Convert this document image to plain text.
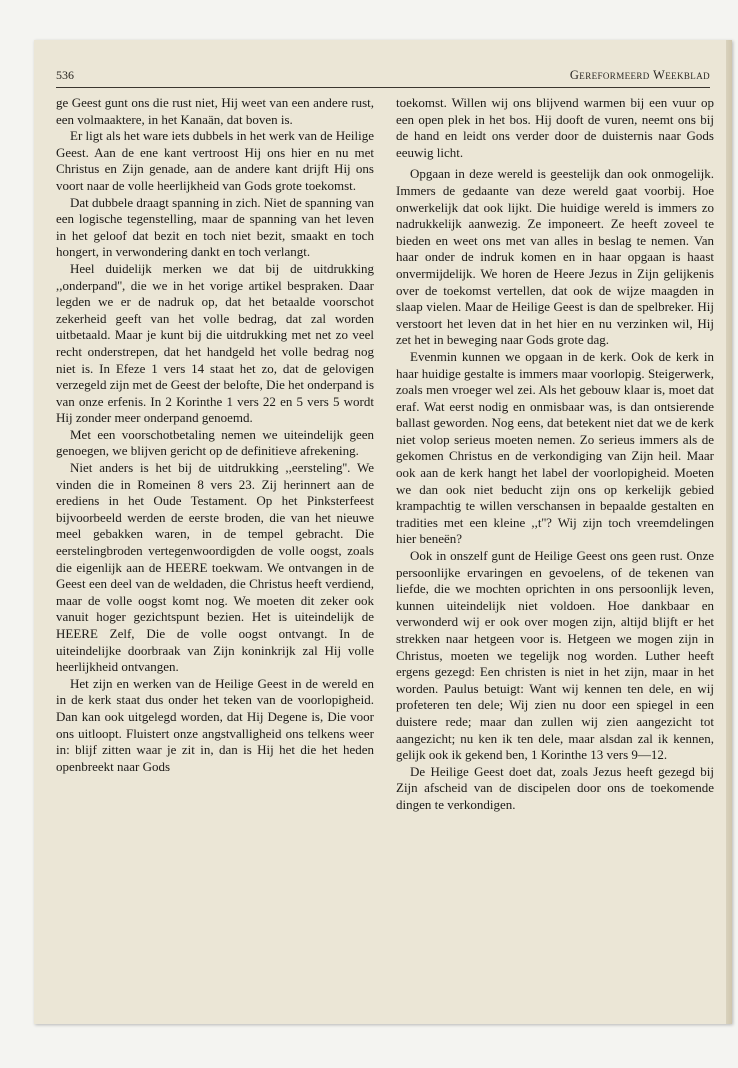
536	Gereformeerd Weekblad

ge Geest gunt ons die rust niet, Hij weet van een andere rust, een volmaaktere, in het Kanaän, dat boven is.

Er ligt als het ware iets dubbels in het werk van de Heilige Geest. Aan de ene kant vertroost Hij ons hier en nu met Christus en Zijn genade, aan de andere kant drijft Hij ons voort naar de volle heerlijkheid van Gods grote toekomst.

Dat dubbele draagt spanning in zich. Niet de spanning van een logische tegenstelling, maar de spanning van het leven in het geloof dat bezit en toch niet bezit, smaakt en toch hongert, in verwondering dankt en toch verlangt.

Heel duidelijk merken we dat bij de uitdrukking ,,onderpand'', die we in het vorige artikel bespraken. Daar legden we er de nadruk op, dat het betaalde voorschot zekerheid geeft van het volle bedrag, dat zal worden uitbetaald. Maar je kunt bij die uitdrukking met net zo veel recht onderstrepen, dat het handgeld het volle bedrag nog niet is. In Efeze 1 vers 14 staat het zo, dat de gelovigen verzegeld zijn met de Geest der belofte, Die het onderpand is van onze erfenis. In 2 Korinthe 1 vers 22 en 5 vers 5 wordt Hij zonder meer onderpand genoemd.

Met een voorschotbetaling nemen we uiteindelijk geen genoegen, we blijven gericht op de definitieve afrekening.

Niet anders is het bij de uitdrukking ,,eersteling''. We vinden die in Romeinen 8 vers 23. Zij herinnert aan de erediens in het Oude Testament. Op het Pinksterfeest bijvoorbeeld werden de eerste broden, die van het nieuwe meel gebakken waren, in de tempel gebracht. Die eerstelingbroden vertegenwoordigden de volle oogst, zoals die eigenlijk aan de HEERE toekwam. We ontvangen in de Geest een deel van de weldaden, die Christus heeft verdiend, maar de volle oogst komt nog. We moeten dit zeker ook vanuit hoger gezichtspunt bezien. Het is uiteindelijk de HEERE Zelf, Die de volle oogst ontvangt. In de uiteindelijke doorbraak van Zijn koninkrijk zal Hij volle heerlijkheid ontvangen.

Het zijn en werken van de Heilige Geest in de wereld en in de kerk staat dus onder het teken van de voorlopigheid. Dan kan ook uitgelegd worden, dat Hij Degene is, Die voor ons uitloopt. Fluistert onze angstvalligheid ons telkens weer in: blijf zitten waar je zit in, dan is Hij het die het heden openbreekt naar Gods

toekomst. Willen wij ons blijvend warmen bij een vuur op een open plek in het bos. Hij dooft de vuren, neemt ons bij de hand en leidt ons verder door de duisternis naar Gods eeuwig licht.

Opgaan in deze wereld is geestelijk dan ook onmogelijk. Immers de gedaante van deze wereld gaat voorbij. Hoe onwerkelijk dat ook lijkt. Die huidige wereld is immers zo nadrukkelijk aanwezig. Ze imponeert. Ze heeft zoveel te bieden en weet ons met van alles in beslag te nemen. Van haar onder de indruk komen en in haar opgaan is haast onvermijdelijk. We horen de Heere Jezus in Zijn gelijkenis over de toekomst vertellen, dat ook de wijze maagden in slaap vielen. Maar de Heilige Geest is dan de spelbreker. Hij verstoort het leven dat in het hier en nu verzinken wil, Hij zet het in beweging naar Gods grote dag.

Evenmin kunnen we opgaan in de kerk. Ook de kerk in haar huidige gestalte is immers maar voorlopig. Steigerwerk, zoals men vroeger wel zei. Als het gebouw klaar is, moet dat eraf. Wat eerst nodig en onmisbaar was, is dan ontsierende ballast geworden. Nog eens, dat betekent niet dat we de kerk niet volop serieus moeten nemen. Zo serieus immers als de gekomen Christus en de verkondiging van Zijn heil. Maar ook aan de kerk hangt het label der voorlopigheid. Moeten we dan ook niet beducht zijn ons op kerkelijk gebied krampachtig te willen verschansen in bepaalde gestalten en tradities met een kleine ,,t''? Wij zijn toch vreemdelingen hier beneën?

Ook in onszelf gunt de Heilige Geest ons geen rust. Onze persoonlijke ervaringen en gevoelens, of de tekenen van liefde, die we mochten oprichten in ons persoonlijk leven, kunnen uiteindelijk niet voldoen. Hoe dankbaar en verwonderd wij er ook over mogen zijn, altijd blijft er het strekken naar hetgeen voor is. Hetgeen we mogen zijn in Christus, moeten we tegelijk nog worden. Luther heeft ergens gezegd: Een christen is niet in het zijn, maar in het worden. Paulus betuigt: Want wij kennen ten dele, en wij profeteren ten dele; Wij zien nu door een spiegel in een duistere rede; maar dan zullen wij zien aangezicht tot aangezicht; nu ken ik ten dele, maar alsdan zal ik kennen, gelijk ook ik gekend ben, 1 Korinthe 13 vers 9—12.

De Heilige Geest doet dat, zoals Jezus heeft gezegd bij Zijn afscheid van de discipelen door ons de toekomende dingen te verkondigen.
